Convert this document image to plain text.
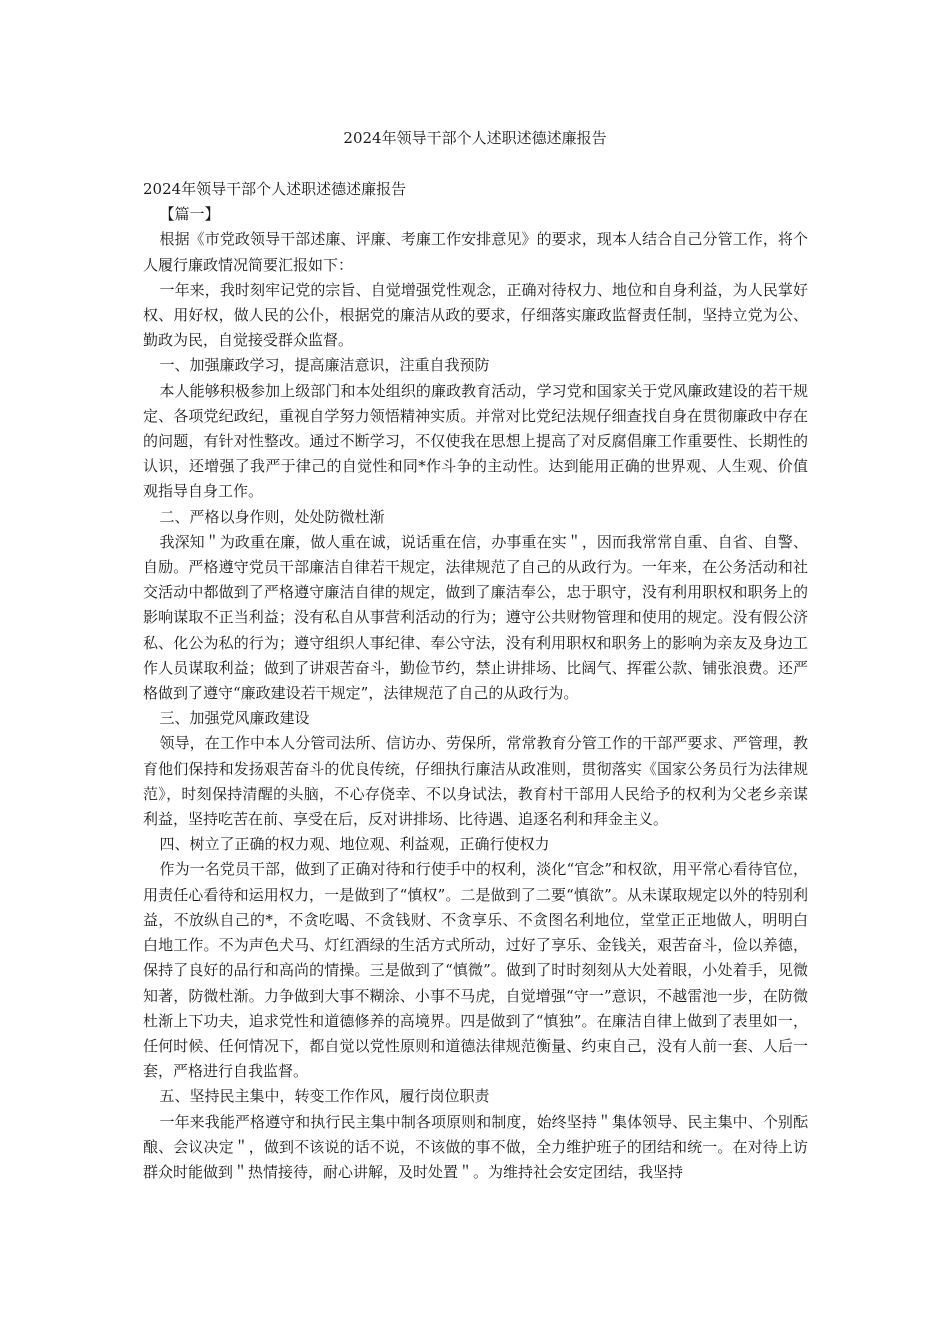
2024年领导干部个人述职述德述廉报告

2024年领导干部个人述职述德述廉报告

【篇一】

根据《市党政领导干部述廉、评廉、考廉工作安排意见》的要求，现本人结合自己分管工作，将个人履行廉政情况简要汇报如下：

一年来，我时刻牢记党的宗旨、自觉增强党性观念，正确对待权力、地位和自身利益，为人民掌好权、用好权，做人民的公仆，根据党的廉洁从政的要求，仔细落实廉政监督责任制，坚持立党为公、勤政为民，自觉接受群众监督。

一、加强廉政学习，提高廉洁意识，注重自我预防

本人能够积极参加上级部门和本处组织的廉政教育活动，学习党和国家关于党风廉政建设的若干规定、各项党纪政纪，重视自学努力领悟精神实质。并常对比党纪法规仔细查找自身在贯彻廉政中存在的问题，有针对性整改。通过不断学习，不仅使我在思想上提高了对反腐倡廉工作重要性、长期性的认识，还增强了我严于律己的自觉性和同*作斗争的主动性。达到能用正确的世界观、人生观、价值观指导自身工作。

二、严格以身作则，处处防微杜渐

我深知＂为政重在廉，做人重在诚，说话重在信，办事重在实＂，因而我常常自重、自省、自警、自励。严格遵守党员干部廉洁自律若干规定，法律规范了自己的从政行为。一年来，在公务活动和社交活动中都做到了严格遵守廉洁自律的规定，做到了廉洁奉公，忠于职守，没有利用职权和职务上的影响谋取不正当利益；没有私自从事营利活动的行为；遵守公共财物管理和使用的规定。没有假公济私、化公为私的行为；遵守组织人事纪律、奉公守法，没有利用职权和职务上的影响为亲友及身边工作人员谋取利益；做到了讲艰苦奋斗，勤俭节约，禁止讲排场、比阔气、挥霍公款、铺张浪费。还严格做到了遵守“廉政建设若干规定”，法律规范了自己的从政行为。

三、加强党风廉政建设

领导，在工作中本人分管司法所、信访办、劳保所，常常教育分管工作的干部严要求、严管理，教育他们保持和发扬艰苦奋斗的优良传统，仔细执行廉洁从政准则，贯彻落实《国家公务员行为法律规范》，时刻保持清醒的头脑，不心存侥幸、不以身试法，教育村干部用人民给予的权利为父老乡亲谋利益，坚持吃苦在前、享受在后，反对讲排场、比待遇、追逐名利和拜金主义。

四、树立了正确的权力观、地位观、利益观，正确行使权力

作为一名党员干部，做到了正确对待和行使手中的权利，淡化“官念”和权欲，用平常心看待官位，用责任心看待和运用权力，一是做到了“慎权”。二是做到了二要“慎欲”。从未谋取规定以外的特别利益，不放纵自己的*，不贪吃喝、不贪钱财、不贪享乐、不贪图名利地位，堂堂正正地做人，明明白白地工作。不为声色犬马、灯红酒绿的生活方式所动，过好了享乐、金钱关，艰苦奋斗，俭以养德，保持了良好的品行和高尚的情操。三是做到了“慎微”。做到了时时刻刻从大处着眼，小处着手，见微知著，防微杜渐。力争做到大事不糊涂、小事不马虎，自觉增强“守一”意识，不越雷池一步，在防微杜渐上下功夫，追求党性和道德修养的高境界。四是做到了“慎独”。在廉洁自律上做到了表里如一，任何时候、任何情况下，都自觉以党性原则和道德法律规范衡量、约束自己，没有人前一套、人后一套，严格进行自我监督。

五、坚持民主集中，转变工作作风，履行岗位职责

一年来我能严格遵守和执行民主集中制各项原则和制度，始终坚持＂集体领导、民主集中、个别酝酿、会议决定＂，做到不该说的话不说，不该做的事不做，全力维护班子的团结和统一。在对待上访群众时能做到＂热情接待，耐心讲解，及时处置＂。为维持社会安定团结，我坚持
